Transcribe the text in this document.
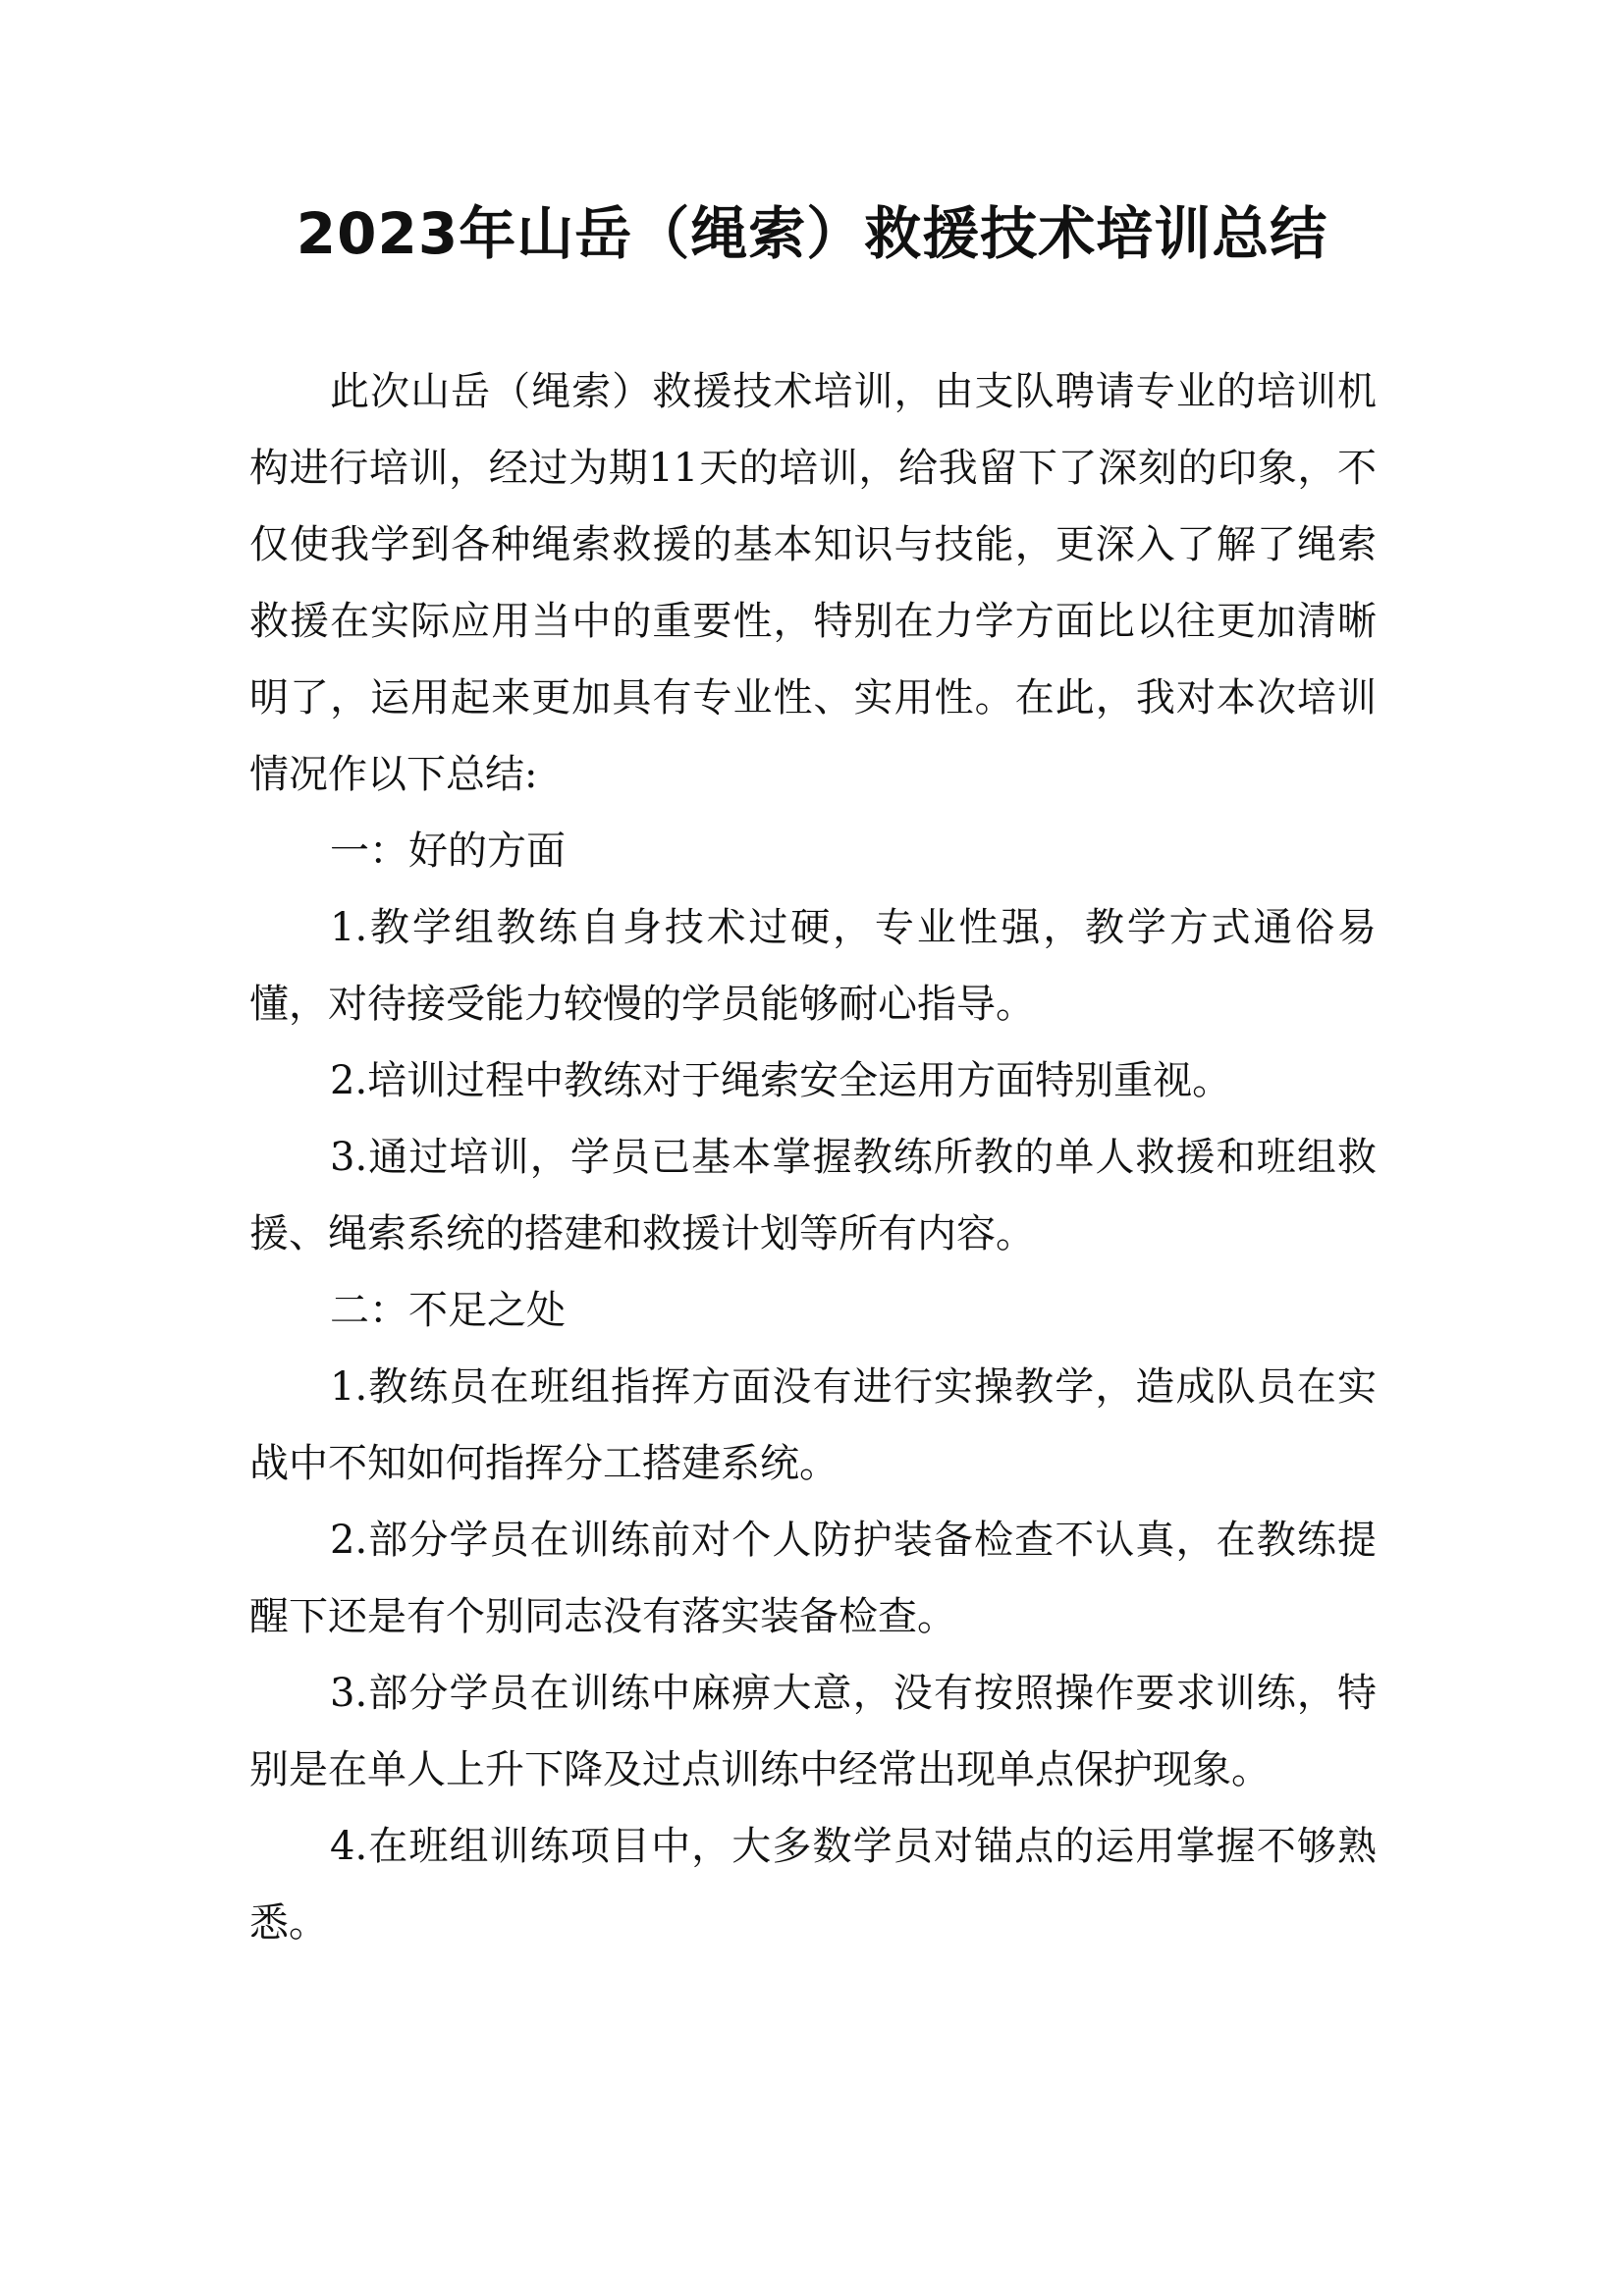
2023年山岳（绳索）救援技术培训总结

此次山岳（绳索）救援技术培训，由支队聘请专业的培训机构进行培训，经过为期11天的培训，给我留下了深刻的印象，不仅使我学到各种绳索救援的基本知识与技能，更深入了解了绳索救援在实际应用当中的重要性，特别在力学方面比以往更加清晰明了，运用起来更加具有专业性、实用性。在此，我对本次培训情况作以下总结:

一：好的方面

1.教学组教练自身技术过硬，专业性强，教学方式通俗易懂，对待接受能力较慢的学员能够耐心指导。

2.培训过程中教练对于绳索安全运用方面特别重视。

3.通过培训，学员已基本掌握教练所教的单人救援和班组救援、绳索系统的搭建和救援计划等所有内容。

二：不足之处

1.教练员在班组指挥方面没有进行实操教学，造成队员在实战中不知如何指挥分工搭建系统。

2.部分学员在训练前对个人防护装备检查不认真，在教练提醒下还是有个别同志没有落实装备检查。

3.部分学员在训练中麻痹大意，没有按照操作要求训练，特别是在单人上升下降及过点训练中经常出现单点保护现象。

4.在班组训练项目中，大多数学员对锚点的运用掌握不够熟悉。
